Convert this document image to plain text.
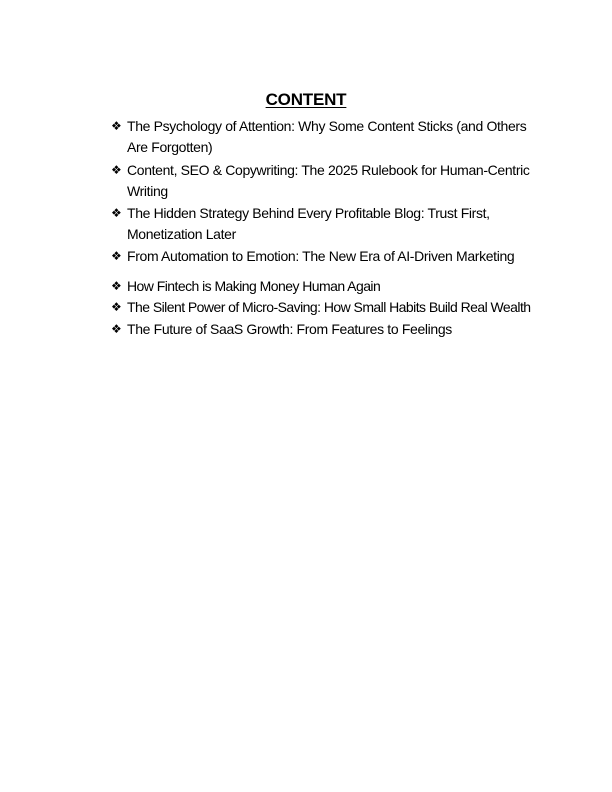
CONTENT
❖ The Psychology of Attention: Why Some Content Sticks (and Others Are Forgotten)
❖ Content, SEO & Copywriting: The 2025 Rulebook for Human-Centric Writing
❖ The Hidden Strategy Behind Every Profitable Blog: Trust First, Monetization Later
❖ From Automation to Emotion: The New Era of AI-Driven Marketing
❖ How Fintech is Making Money Human Again
❖ The Silent Power of Micro-Saving: How Small Habits Build Real Wealth
❖ The Future of SaaS Growth: From Features to Feelings
